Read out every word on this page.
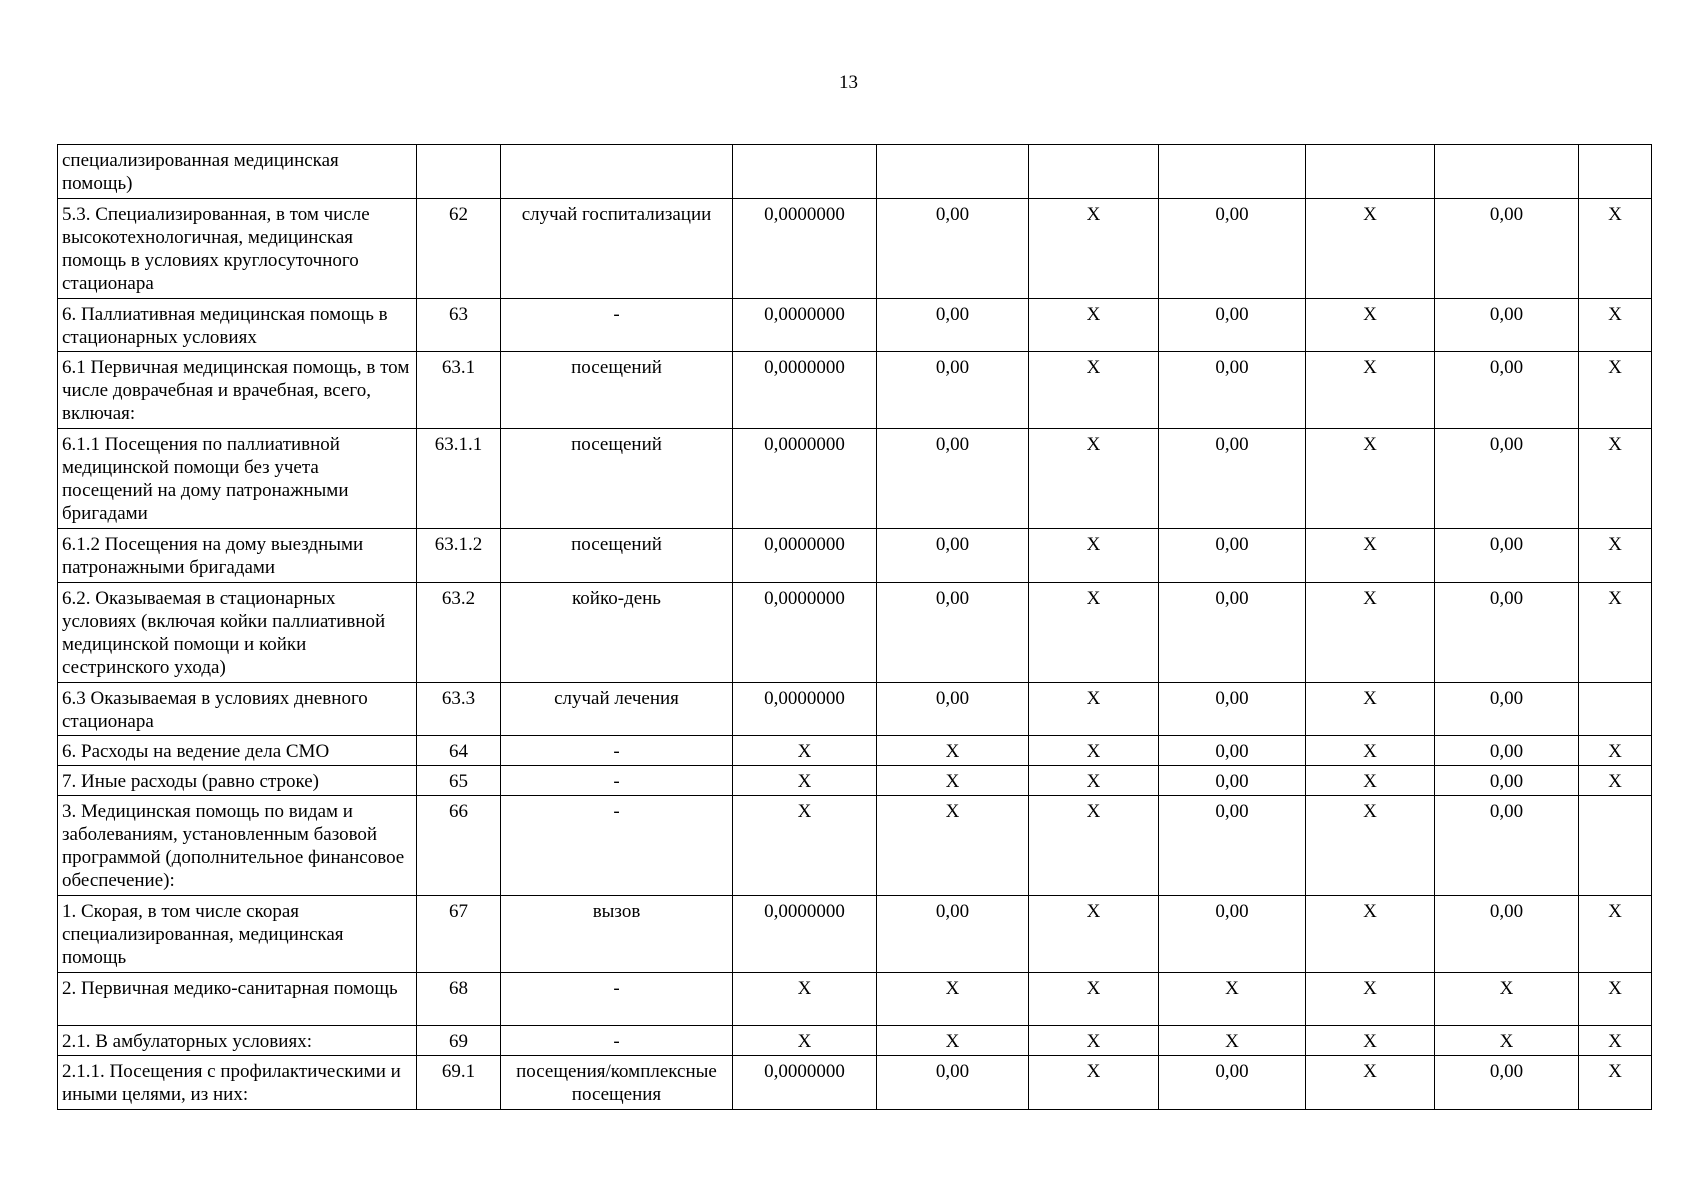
13
специализированная медицинская помощь)									
5.3. Специализированная, в том числе высокотехнологичная, медицинская помощь в условиях круглосуточного стационара	62	случай госпитализации	0,0000000	0,00	Х	0,00	Х	0,00	Х
6. Паллиативная медицинская помощь в стационарных условиях	63	-	0,0000000	0,00	Х	0,00	Х	0,00	Х
6.1 Первичная медицинская помощь, в том числе доврачебная и врачебная, всего, включая:	63.1	посещений	0,0000000	0,00	Х	0,00	Х	0,00	Х
6.1.1 Посещения по паллиативной медицинской помощи без учета посещений на дому патронажными бригадами	63.1.1	посещений	0,0000000	0,00	Х	0,00	Х	0,00	Х
6.1.2 Посещения на дому выездными патронажными бригадами	63.1.2	посещений	0,0000000	0,00	Х	0,00	Х	0,00	Х
6.2. Оказываемая в стационарных условиях (включая койки паллиативной медицинской помощи и койки сестринского ухода)	63.2	койко-день	0,0000000	0,00	Х	0,00	Х	0,00	Х
6.3 Оказываемая в условиях дневного стационара	63.3	случай лечения	0,0000000	0,00	Х	0,00	Х	0,00	
6. Расходы на ведение дела СМО	64	-	Х	Х	Х	0,00	Х	0,00	Х
7. Иные расходы (равно строке)	65	-	Х	Х	Х	0,00	Х	0,00	Х
3. Медицинская помощь по видам и заболеваниям, установленным базовой программой (дополнительное финансовое обеспечение):	66	-	Х	Х	Х	0,00	Х	0,00	
1. Скорая, в том числе скорая специализированная, медицинская помощь	67	вызов	0,0000000	0,00	Х	0,00	Х	0,00	Х
2. Первичная медико-санитарная помощь	68	-	Х	Х	Х	Х	Х	Х	Х
2.1. В амбулаторных условиях:	69	-	Х	Х	Х	Х	Х	Х	Х
2.1.1. Посещения с профилактическими и иными целями, из них:	69.1	посещения/комплексные посещения	0,0000000	0,00	Х	0,00	Х	0,00	Х
